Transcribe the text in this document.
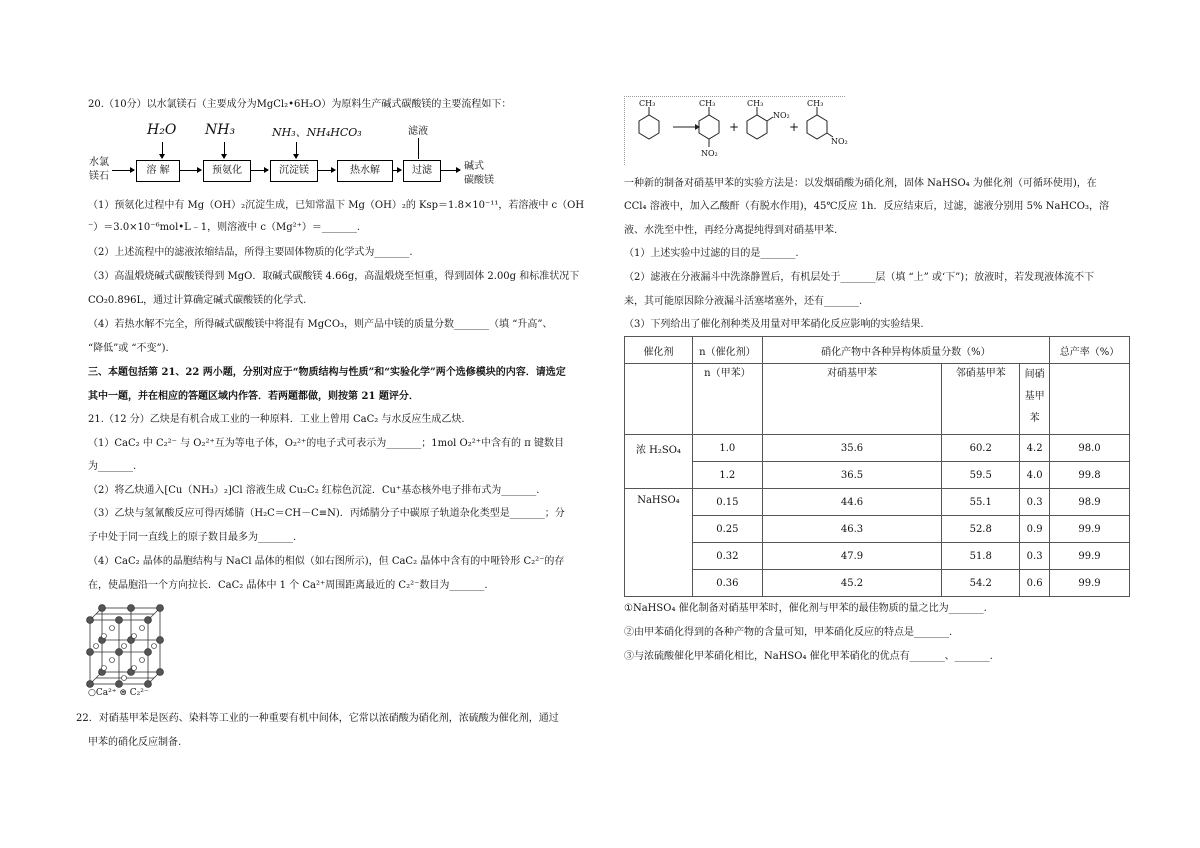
20.（10分）以水氯镁石（主要成分为MgCl₂•6H₂O）为原料生产碱式碳酸镁的主要流程如下：
H₂O NH₃	NH₃、NH₄HCO₃	滤液
水氯
镁石
溶 解	预氨化	沉淀镁	热水解	过滤	碱式
碳酸镁
（1）预氨化过程中有 Mg（OH）₂沉淀生成，已知常温下 Mg（OH）₂的 Ksp＝1.8×10⁻¹¹，若溶液中 c（OH
⁻）＝3.0×10⁻⁶mol•L﹣1，则溶液中 c（Mg²⁺）＝_______.
（2）上述流程中的滤液浓缩结晶，所得主要固体物质的化学式为_______.
（3）高温煅烧碱式碳酸镁得到 MgO．取碱式碳酸镁 4.66g，高温煅烧至恒重，得到固体 2.00g 和标准状况下
CO₂0.896L，通过计算确定碱式碳酸镁的化学式.
（4）若热水解不完全，所得碱式碳酸镁中将混有 MgCO₃，则产品中镁的质量分数_______（填 “升高”、
“降低”或 “不变”).
三、本题包括第 21、22 两小题，分别对应于“物质结构与性质”和“实验化学”两个选修模块的内容．请选定
其中一题，并在相应的答题区域内作答．若两题都做，则按第 21 题评分．
21.（12 分）乙炔是有机合成工业的一种原料．工业上曾用 CaC₂ 与水反应生成乙炔.
（1）CaC₂ 中 C₂²⁻ 与 O₂²⁺互为等电子体，O₂²⁺的电子式可表示为_______；1mol O₂²⁺中含有的 π 键数目
为_______.
（2）将乙炔通入[Cu（NH₃）₂]Cl 溶液生成 Cu₂C₂ 红棕色沉淀．Cu⁺基态核外电子排布式为_______.
（3）乙炔与氢氰酸反应可得丙烯腈（H₂C＝CH－C≡N)．丙烯腈分子中碳原子轨道杂化类型是_______；分
子中处于同一直线上的原子数目最多为_______.
（4）CaC₂ 晶体的晶胞结构与 NaCl 晶体的相似（如右图所示)，但 CaC₂ 晶体中含有的中哑铃形 C₂²⁻的存
在，使晶胞沿一个方向拉长．CaC₂ 晶体中 1 个 Ca²⁺周围距离最近的 C₂²⁻数目为_______.
○Ca²⁺ ⊜ C₂²⁻
22．对硝基甲苯是医药、染料等工业的一种重要有机中间体，它常以浓硝酸为硝化剂，浓硫酸为催化剂，通过
甲苯的硝化反应制备.
CH₃	CH₃	CH₃	CH₃
NO₂
NO₂
NO₂
+	+
一种新的制备对硝基甲苯的实验方法是：以发烟硝酸为硝化剂，固体 NaHSO₄ 为催化剂（可循环使用)，在
CCl₄ 溶液中，加入乙酸酐（有脱水作用)，45℃反应 1h．反应结束后，过滤，滤液分别用 5% NaHCO₃，溶
液、水洗至中性，再经分离提纯得到对硝基甲苯.
（1）上述实验中过滤的目的是_______.
（2）滤液在分液漏斗中洗涤静置后，有机层处于_______层（填 “上” 或‘下”)；放液时，若发现液体流不下
来，其可能原因除分液漏斗活塞堵塞外，还有_______.
（3）下列给出了催化剂种类及用量对甲苯硝化反应影响的实验结果.
催化剂	n（催化剂）	硝化产物中各种异构体质量分数（%）			总产率（%）
	n（甲苯）	对硝基甲苯	邻硝基甲苯	间硝
基甲
苯	
浓 H₂SO₄	1.0	35.6	60.2	4.2	98.0
	1.2	36.5	59.5	4.0	99.8
NaHSO₄	0.15	44.6	55.1	0.3	98.9
	0.25	46.3	52.8	0.9	99.9
	0.32	47.9	51.8	0.3	99.9
	0.36	45.2	54.2	0.6	99.9
①NaHSO₄ 催化制备对硝基甲苯时，催化剂与甲苯的最佳物质的量之比为_______.
②由甲苯硝化得到的各种产物的含量可知，甲苯硝化反应的特点是_______.
③与浓硫酸催化甲苯硝化相比，NaHSO₄ 催化甲苯硝化的优点有_______、_______.
